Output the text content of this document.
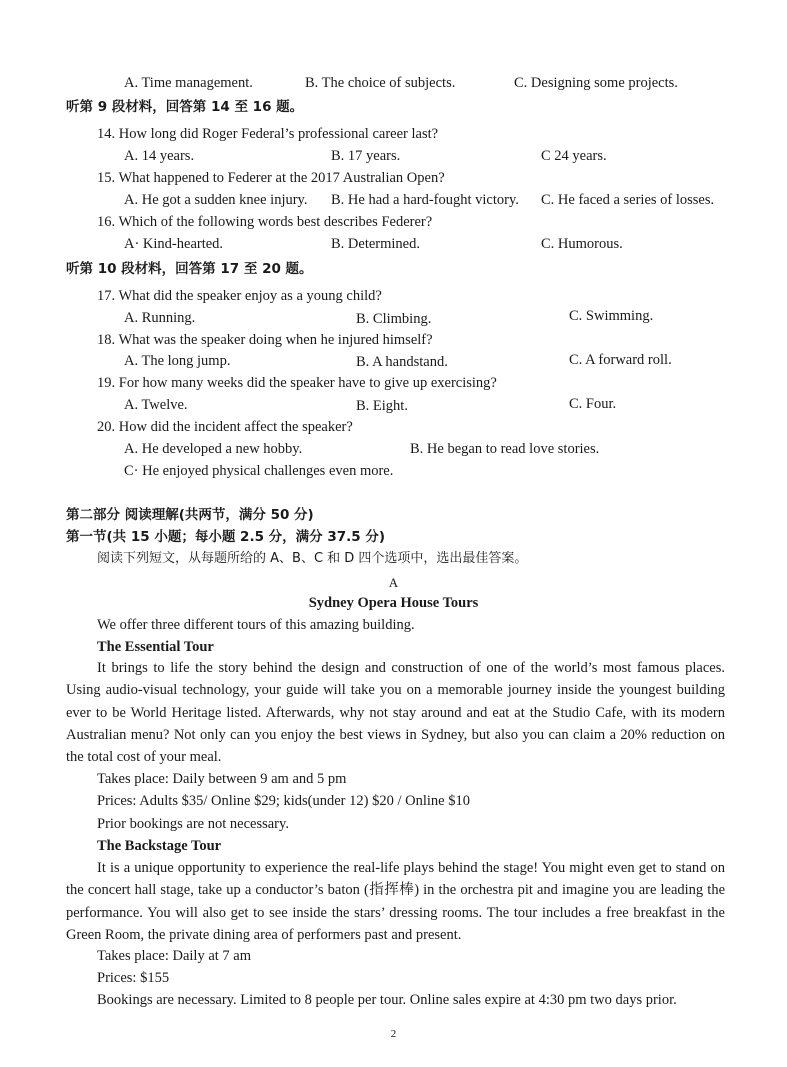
A. Time management.	B. The choice of subjects.	C. Designing some projects.
听第 9 段材料，回答第 14 至 16 题。
14. How long did Roger Federal’s professional career last?
A. 14 years.	B. 17 years.	C 24 years.
15. What happened to Federer at the 2017 Australian Open?
A. He got a sudden knee injury. B. He had a hard-fought victory. C. He faced a series of losses.
16. Which of the following words best describes Federer?
A· Kind-hearted.	B. Determined.	C. Humorous.
听第 10 段材料，回答第 17 至 20 题。
17. What did the speaker enjoy as a young child?
A. Running.	B. Climbing.	C. Swimming.
18. What was the speaker doing when he injured himself?
A. The long jump.	B. A handstand.	C. A forward roll.
19. For how many weeks did the speaker have to give up exercising?
A. Twelve.	B. Eight.	C. Four.
20. How did the incident affect the speaker?
A. He developed a new hobby.	B. He began to read love stories.
C· He enjoyed physical challenges even more.
第二部分 阅读理解(共两节，满分 50 分)
第一节(共 15 小题；每小题 2.5 分，满分 37.5 分)
阅读下列短文，从每题所给的 A、B、C 和 D 四个选项中，选出最佳答案。
A
Sydney Opera House Tours
We offer three different tours of this amazing building.
The Essential Tour
It brings to life the story behind the design and construction of one of the world’s most famous places. Using audio-visual technology, your guide will take you on a memorable journey inside the youngest building ever to be World Heritage listed. Afterwards, why not stay around and eat at the Studio Cafe, with its modern Australian menu? Not only can you enjoy the best views in Sydney, but also you can claim a 20% reduction on the total cost of your meal.
Takes place: Daily between 9 am and 5 pm
Prices: Adults $35/ Online $29; kids(under 12) $20 / Online $10
Prior bookings are not necessary.
The Backstage Tour
It is a unique opportunity to experience the real-life plays behind the stage! You might even get to stand on the concert hall stage, take up a conductor’s baton (指挥棒) in the orchestra pit and imagine you are leading the performance. You will also get to see inside the stars’ dressing rooms. The tour includes a free breakfast in the Green Room, the private dining area of performers past and present.
Takes place: Daily at 7 am
Prices: $155
Bookings are necessary. Limited to 8 people per tour. Online sales expire at 4:30 pm two days prior.
2
